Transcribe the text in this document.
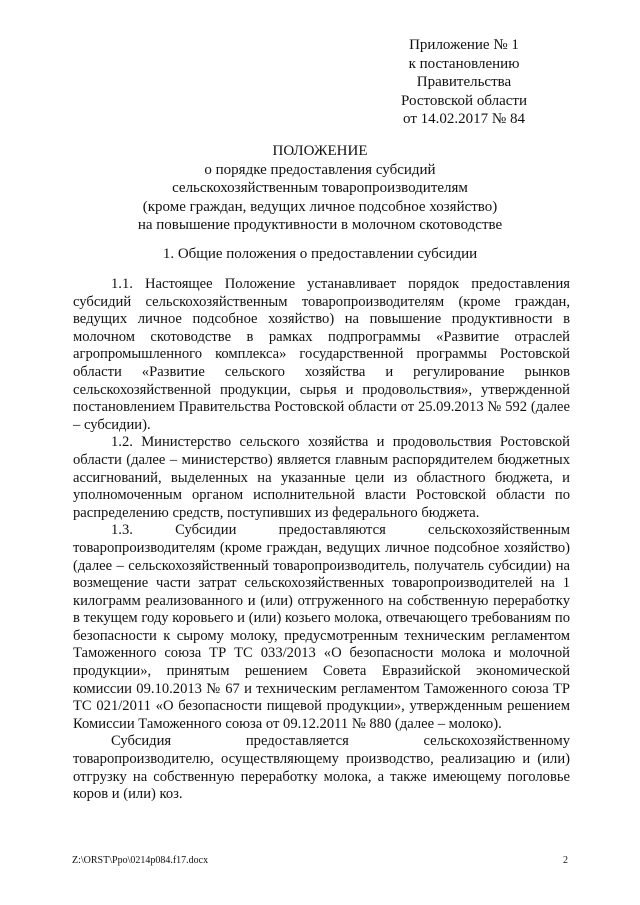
Приложение № 1
к постановлению
Правительства
Ростовской области
от 14.02.2017 № 84
ПОЛОЖЕНИЕ
о порядке предоставления субсидий
сельскохозяйственным товаропроизводителям
(кроме граждан, ведущих личное подсобное хозяйство)
на повышение продуктивности в молочном скотоводстве
1. Общие положения о предоставлении субсидии

1.1. Настоящее Положение устанавливает порядок предоставления субсидий сельскохозяйственным товаропроизводителям (кроме граждан, ведущих личное подсобное хозяйство) на повышение продуктивности в молочном скотоводстве в рамках подпрограммы «Развитие отраслей агропромышленного комплекса» государственной программы Ростовской области «Развитие сельского хозяйства и регулирование рынков сельскохозяйственной продукции, сырья и продовольствия», утвержденной постановлением Правительства Ростовской области от 25.09.2013 № 592 (далее – субсидии).

1.2. Министерство сельского хозяйства и продовольствия Ростовской области (далее – министерство) является главным распорядителем бюджетных ассигнований, выделенных на указанные цели из областного бюджета, и уполномоченным органом исполнительной власти Ростовской области по распределению средств, поступивших из федерального бюджета.

1.3. Субсидии предоставляются сельскохозяйственным товаропроизводителям (кроме граждан, ведущих личное подсобное хозяйство) (далее – сельскохозяйственный товаропроизводитель, получатель субсидии) на возмещение части затрат сельскохозяйственных товаропроизводителей на 1 килограмм реализованного и (или) отгруженного на собственную переработку в текущем году коровьего и (или) козьего молока, отвечающего требованиям по безопасности к сырому молоку, предусмотренным техническим регламентом Таможенного союза ТР ТС 033/2013 «О безопасности молока и молочной продукции», принятым решением Совета Евразийской экономической комиссии 09.10.2013 № 67 и техническим регламентом Таможенного союза ТР ТС 021/2011 «О безопасности пищевой продукции», утвержденным решением Комиссии Таможенного союза от 09.12.2011 № 880 (далее – молоко).

Субсидия предоставляется сельскохозяйственному товаропроизводителю, осуществляющему производство, реализацию и (или) отгрузку на собственную переработку молока, а также имеющему поголовье коров и (или) коз.

Z:\ORST\Ppo\0214p084.f17.docx	2
